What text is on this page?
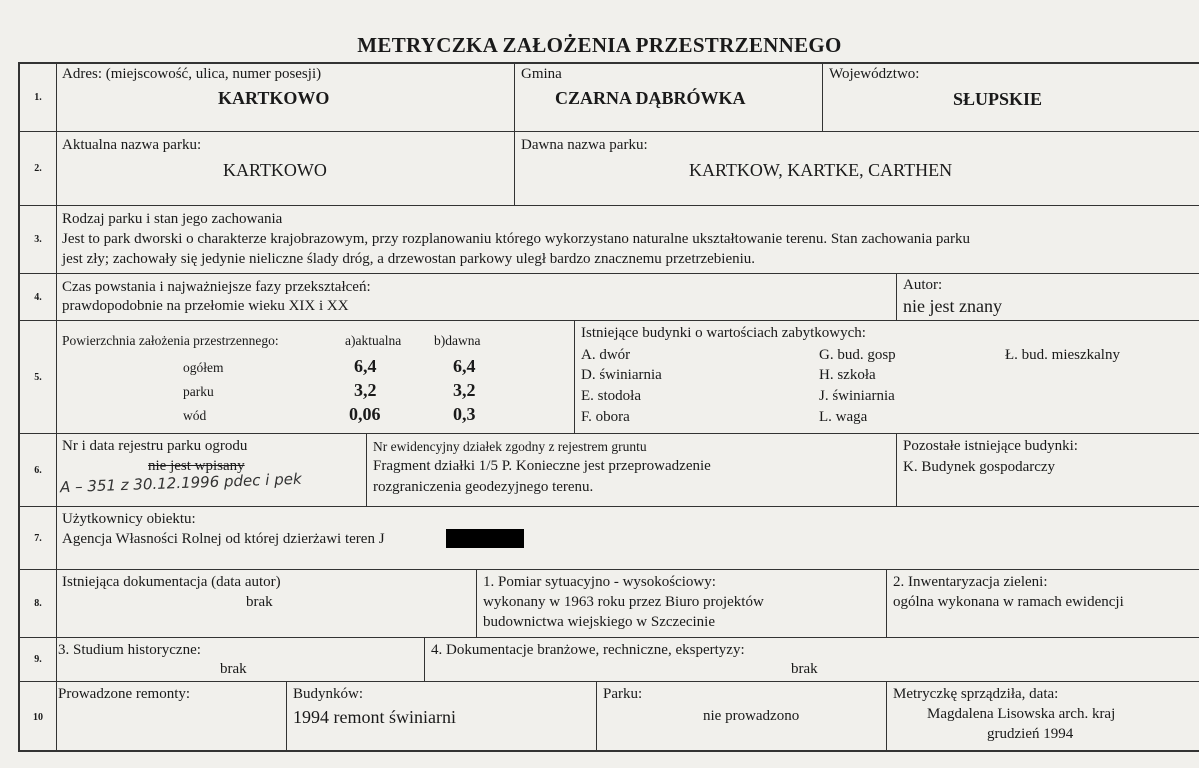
METRYCZKA ZAŁOŻENIA PRZESTRZENNEGO
1.
Adres: (miejscowość, ulica, numer posesji)
KARTKOWO
Gmina
CZARNA DĄBRÓWKA
Województwo:
SŁUPSKIE
2.
Aktualna nazwa parku:
KARTKOWO
Dawna nazwa parku:
KARTKOW, KARTKE, CARTHEN
3.
Rodzaj parku i stan jego zachowania
Jest to park dworski o charakterze krajobrazowym, przy rozplanowaniu którego wykorzystano naturalne ukształtowanie terenu. Stan zachowania parku
jest zły; zachowały się jedynie nieliczne ślady dróg, a drzewostan parkowy uległ bardzo znacznemu przetrzebieniu.
4.
Czas powstania i najważniejsze fazy przekształceń:
prawdopodobnie na przełomie wieku XIX i XX
Autor:
nie jest znany
5.
Powierzchnia założenia przestrzennego:	a)aktualna b)dawna
ogółem	6,4	6,4
parku	3,2	3,2
wód	0,06	0,3
Istniejące budynki o wartościach zabytkowych:
A. dwór
D. świniarnia
E. stodoła
F. obora
G. bud. gosp
H. szkoła
J. świniarnia
L. waga
Ł. bud. mieszkalny
6.
Nr i data rejestru parku ogrodu
nie jest wpisany
A – 351 z 30.12.1996 pdec i pek
Nr ewidencyjny działek zgodny z rejestrem gruntu
Fragment działki 1/5 P. Konieczne jest przeprowadzenie
rozgraniczenia geodezyjnego terenu.
Pozostałe istniejące budynki:
K. Budynek gospodarczy
7.
Użytkownicy obiektu:
Agencja Własności Rolnej od której dzierżawi teren J
8.
Istniejąca dokumentacja (data autor)
brak
1. Pomiar sytuacyjno - wysokościowy:
wykonany w 1963 roku przez Biuro projektów
budownictwa wiejskiego w Szczecinie
2. Inwentaryzacja zieleni:
ogólna wykonana w ramach ewidencji
9.
3. Studium historyczne:
brak
4. Dokumentacje branżowe, rechniczne, ekspertyzy:
brak
10
Prowadzone remonty:	Budynków:
1994 remont świniarni
Parku:
nie prowadzono
Metryczkę sprządziła, data:
Magdalena Lisowska arch. kraj
grudzień 1994
